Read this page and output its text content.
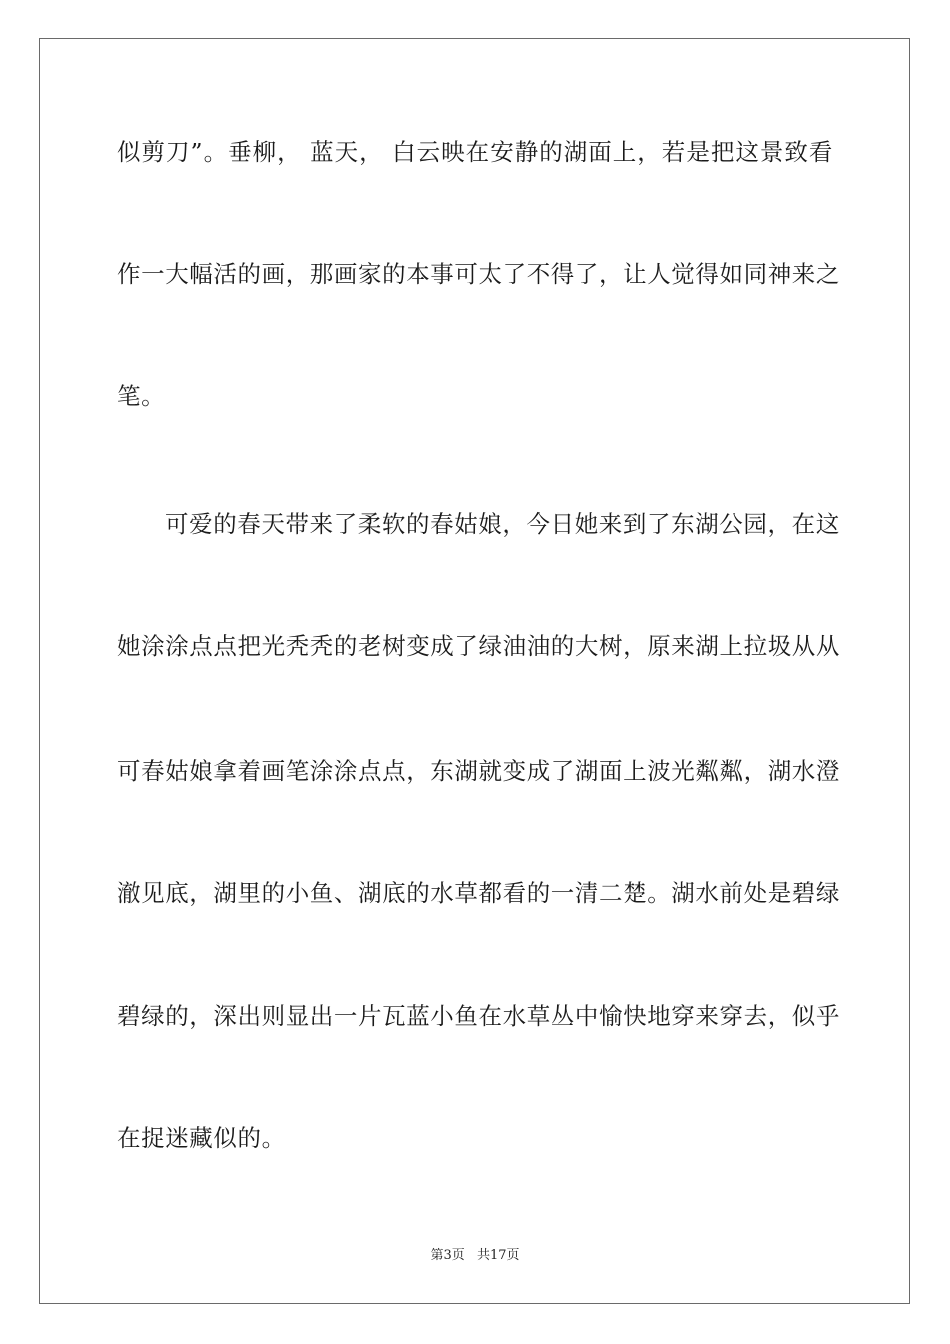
似剪刀”。垂柳， 蓝天， 白云映在安静的湖面上，若是把这景致看
作一大幅活的画，那画家的本事可太了不得了，让人觉得如同神来之
笔。
可爱的春天带来了柔软的春姑娘，今日她来到了东湖公园，在这
她涂涂点点把光秃秃的老树变成了绿油油的大树，原来湖上拉圾从从
可春姑娘拿着画笔涂涂点点，东湖就变成了湖面上波光粼粼，湖水澄
澈见底，湖里的小鱼、湖底的水草都看的一清二楚。湖水前处是碧绿
碧绿的，深出则显出一片瓦蓝小鱼在水草丛中愉快地穿来穿去，似乎
在捉迷藏似的。
第3页 共17页
